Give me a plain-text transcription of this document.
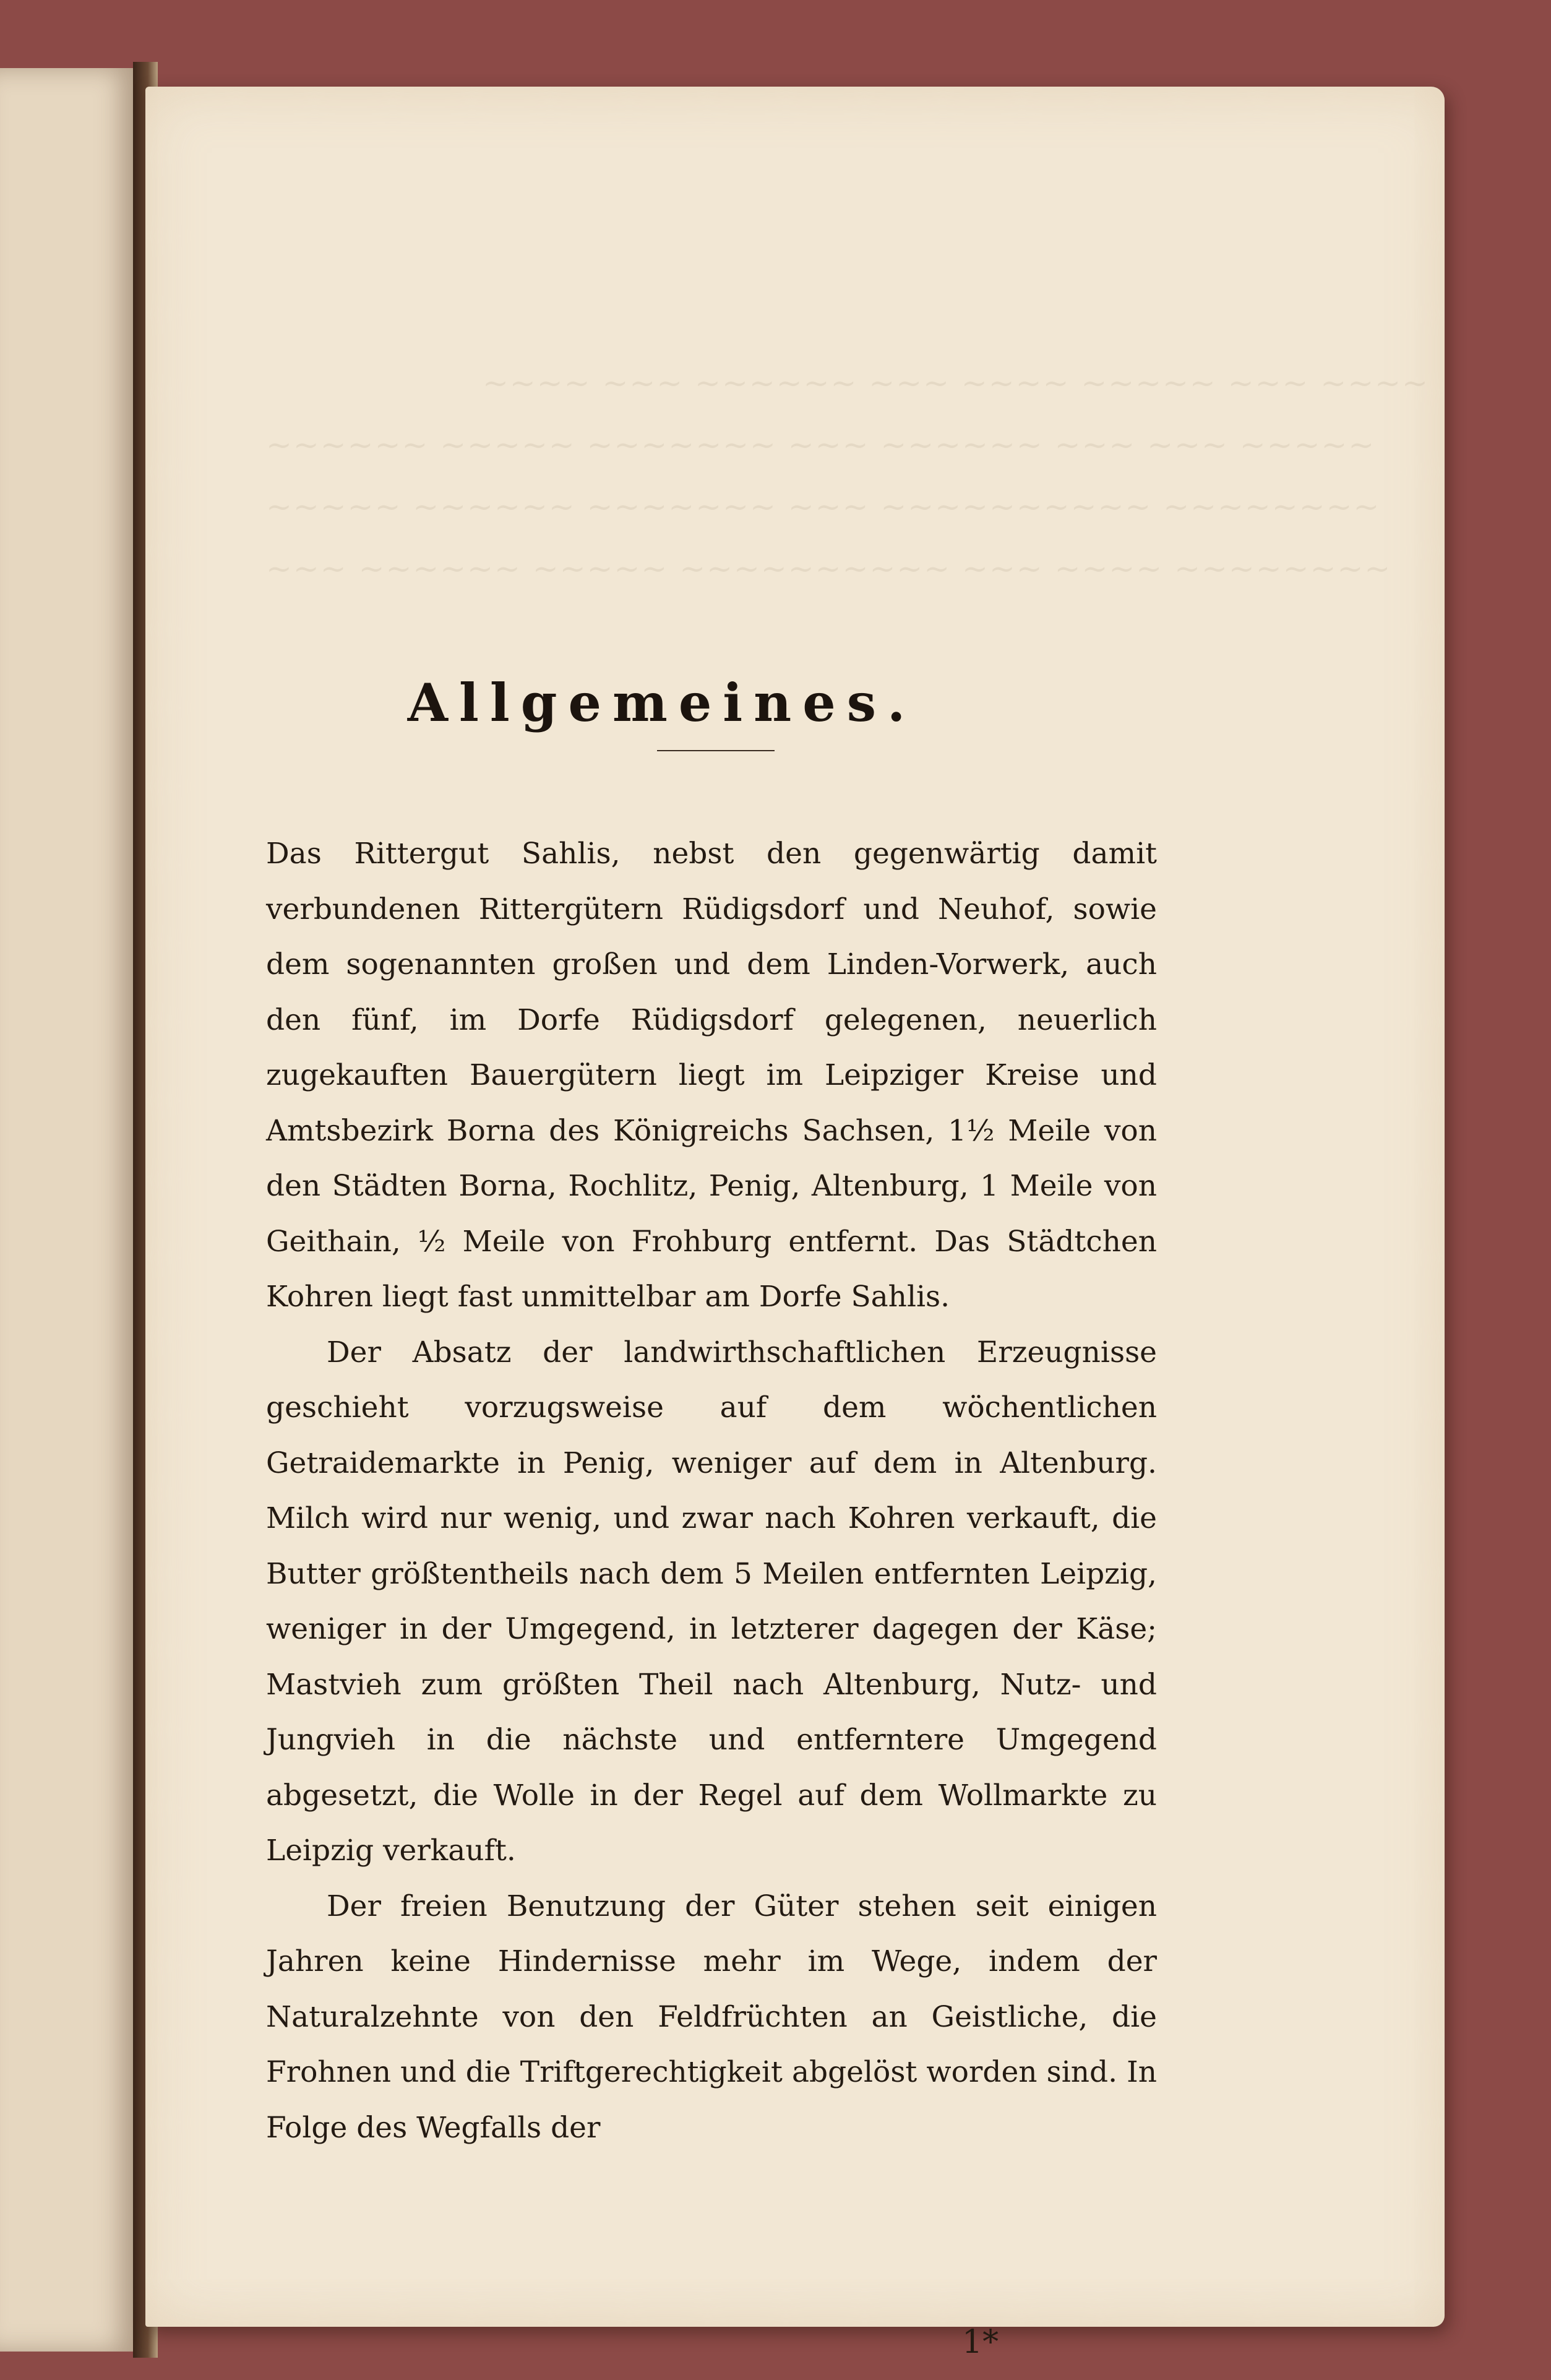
~~~~ ~~~ ~~~~~~ ~~~ ~~~~ ~~~~~ ~~~ ~~~~
~~~~~~ ~~~~~ ~~~~~~~ ~~~ ~~~~~~ ~~~ ~~~ ~~~~~
~~~~~ ~~~~~~ ~~~~~~~ ~~~ ~~~~~~~~~~ ~~~~~~~~
~~~ ~~~~~~ ~~~~~ ~~~~~~~~~~ ~~~ ~~~~ ~~~~~~~~
Allgemeines.

Das Rittergut Sahlis, nebst den gegenwärtig damit verbundenen Rittergütern Rüdigsdorf und Neuhof, sowie dem sogenannten großen und dem Linden-Vorwerk, auch den fünf, im Dorfe Rüdigsdorf gelegenen, neuerlich zugekauften Bauergütern liegt im Leipziger Kreise und Amtsbezirk Borna des Königreichs Sachsen, 1½ Meile von den Städten Borna, Rochlitz, Penig, Altenburg, 1 Meile von Geithain, ½ Meile von Frohburg entfernt. Das Städtchen Kohren liegt fast unmittelbar am Dorfe Sahlis.

Der Absatz der landwirthschaftlichen Erzeugnisse geschieht vorzugsweise auf dem wöchentlichen Getraidemarkte in Penig, weniger auf dem in Altenburg. Milch wird nur wenig, und zwar nach Kohren verkauft, die Butter größtentheils nach dem 5 Meilen entfernten Leipzig, weniger in der Umgegend, in letzterer dagegen der Käse; Mastvieh zum größten Theil nach Altenburg, Nutz- und Jungvieh in die nächste und entferntere Umgegend abgesetzt, die Wolle in der Regel auf dem Wollmarkte zu Leipzig verkauft.

Der freien Benutzung der Güter stehen seit einigen Jahren keine Hindernisse mehr im Wege, indem der Naturalzehnte von den Feldfrüchten an Geistliche, die Frohnen und die Triftgerechtigkeit abgelöst worden sind. In Folge des Wegfalls der

1*
